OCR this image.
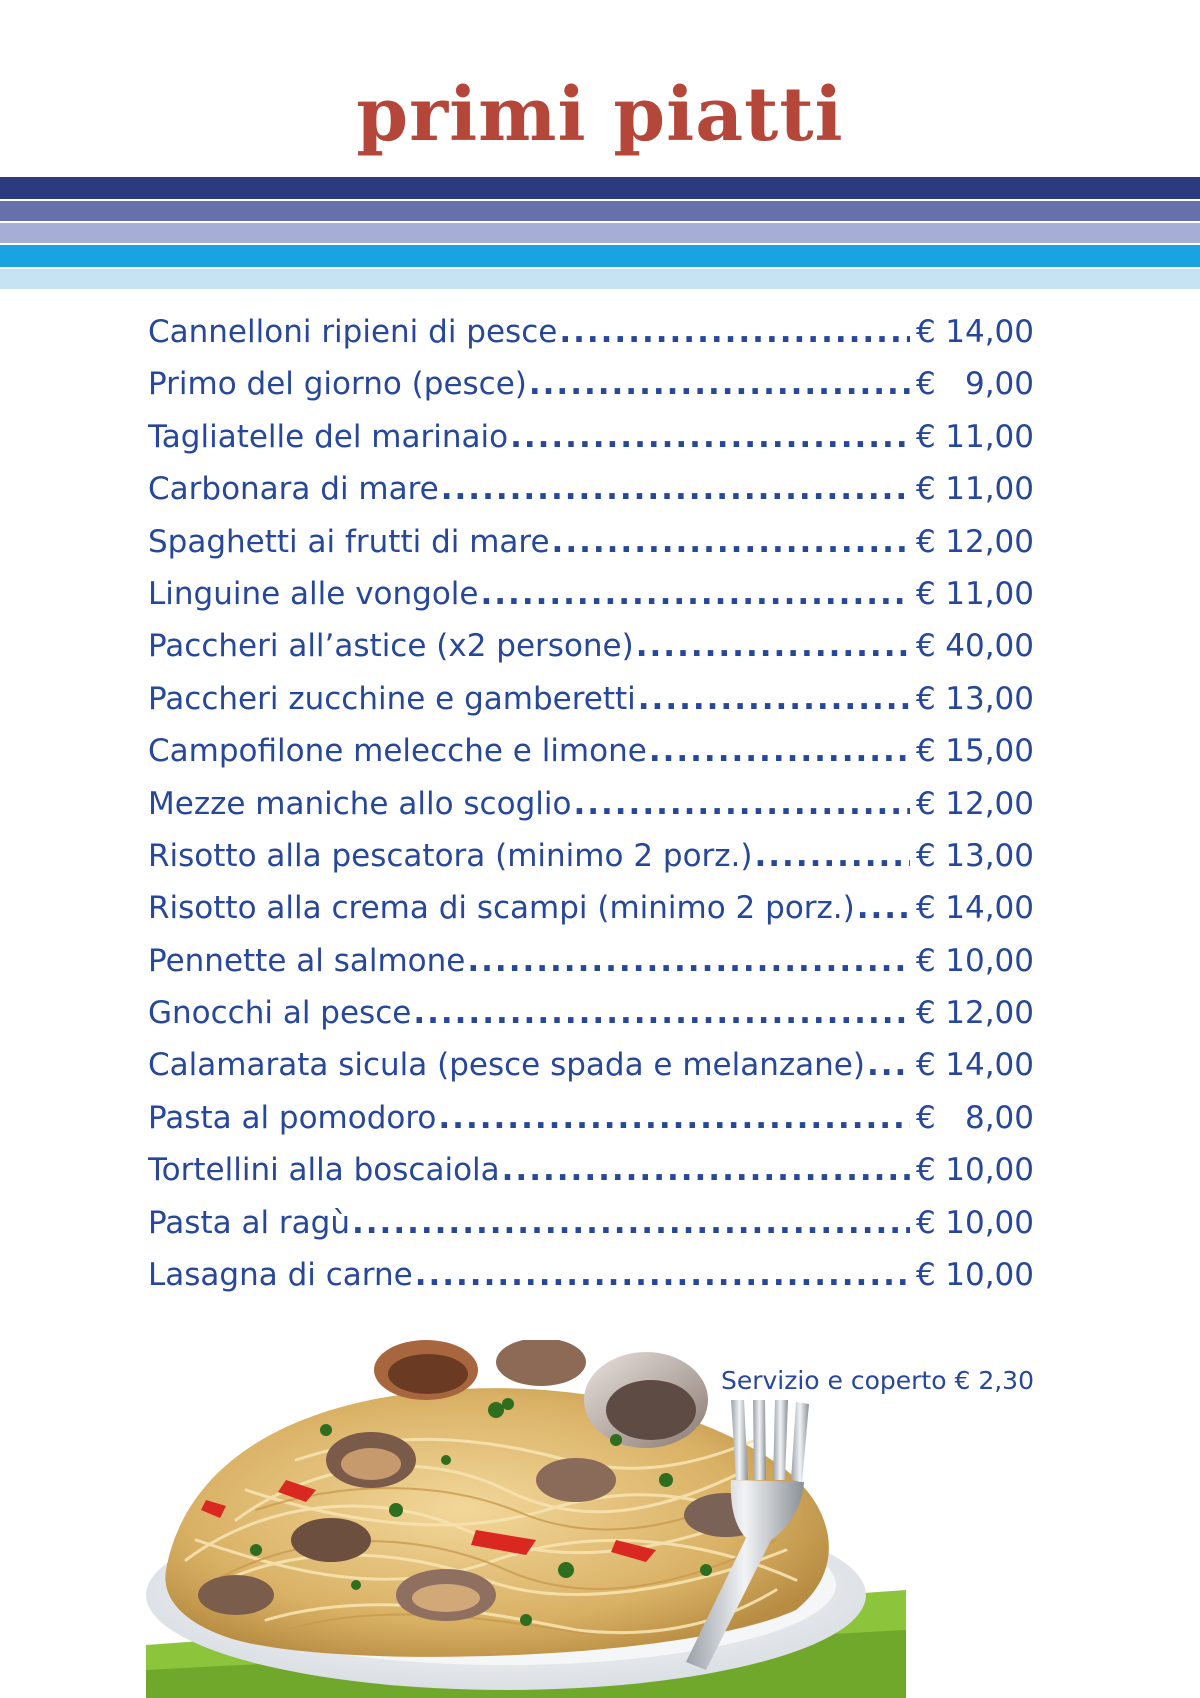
primi piatti
Cannelloni ripieni di pesce .....	€ 14,00
Primo del giorno (pesce) .....	€ 9,00
Tagliatelle del marinaio .....	€ 11,00
Carbonara di mare .....	€ 11,00
Spaghetti ai frutti di mare .....	€ 12,00
Linguine alle vongole .....	€ 11,00
Paccheri all’astice (x2 persone) .....	€ 40,00
Paccheri zucchine e gamberetti .....	€ 13,00
Campofilone melecche e limone .....	€ 15,00
Mezze maniche allo scoglio .....	€ 12,00
Risotto alla pescatora (minimo 2 porz.) .....	€ 13,00
Risotto alla crema di scampi (minimo 2 porz.) ..... € 14,00
Pennette al salmone .....	€ 10,00
Gnocchi al pesce .....	€ 12,00
Calamarata sicula (pesce spada e melanzane) ..... € 14,00
Pasta al pomodoro .....	€ 8,00
Tortellini alla boscaiola .....	€ 10,00
Pasta al ragù .....	€ 10,00
Lasagna di carne .....	€ 10,00
Servizio e coperto € 2,30
